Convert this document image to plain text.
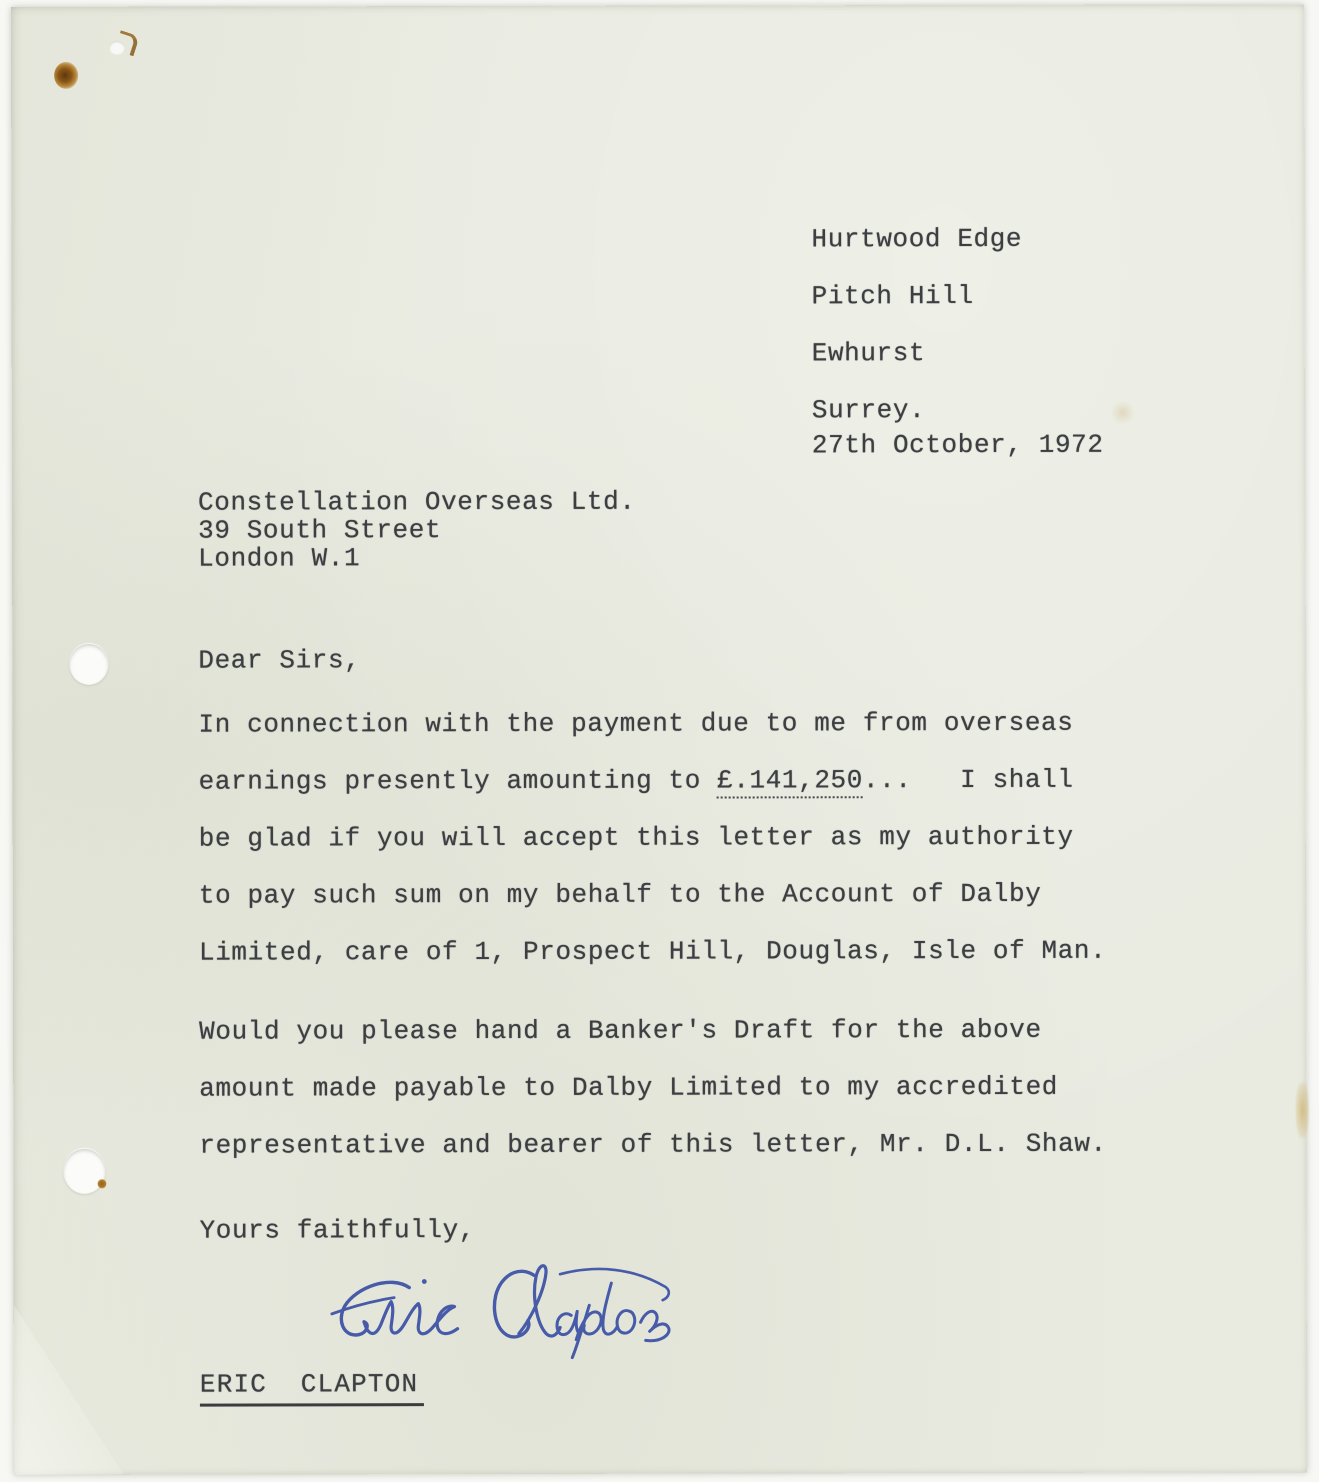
Hurtwood Edge
Pitch Hill
Ewhurst
Surrey.
27th October, 1972
Constellation Overseas Ltd.
39 South Street
London W.1
Dear Sirs,
In connection with the payment due to me from overseas
earnings presently amounting to £.141,250...   I shall
be glad if you will accept this letter as my authority
to pay such sum on my behalf to the Account of Dalby
Limited, care of 1, Prospect Hill, Douglas, Isle of Man.
Would you please hand a Banker's Draft for the above
amount made payable to Dalby Limited to my accredited
representative and bearer of this letter, Mr. D.L. Shaw.
Yours faithfully,
ERIC  CLAPTON
